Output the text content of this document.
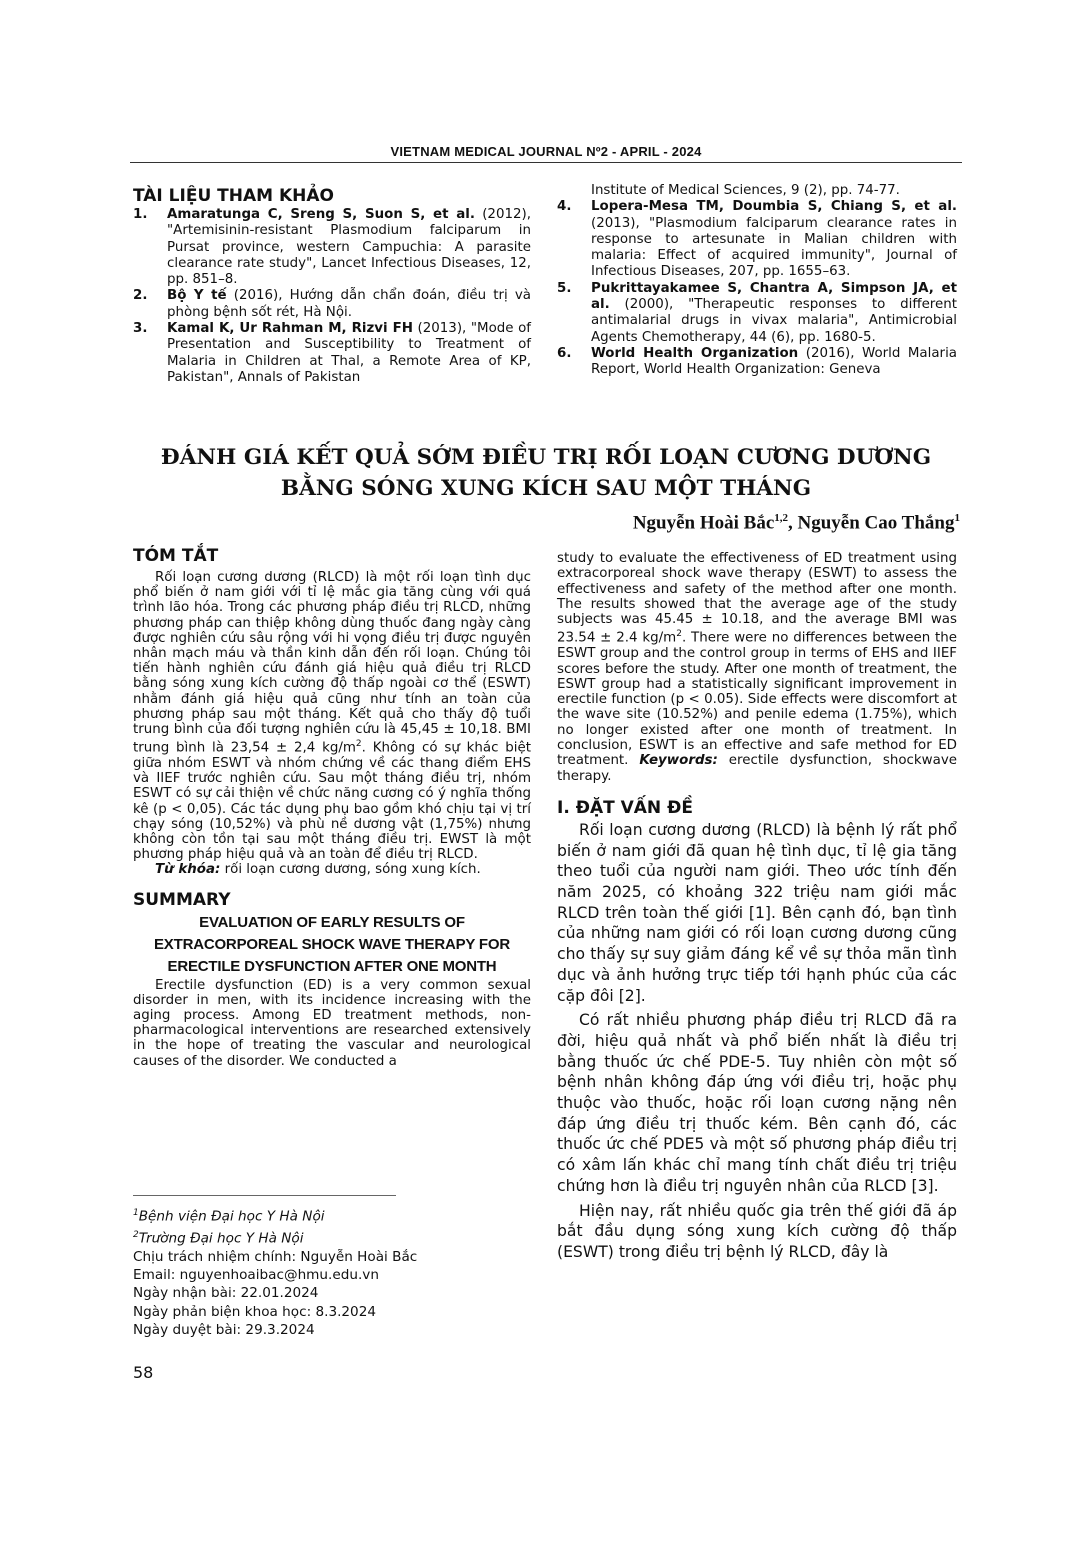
VIETNAM MEDICAL JOURNAL Nº2 - APRIL - 2024
TÀI LIỆU THAM KHẢO
1. Amaratunga C, Sreng S, Suon S, et al. (2012), "Artemisinin-resistant Plasmodium falciparum in Pursat province, western Campuchia: A parasite clearance rate study", Lancet Infectious Diseases, 12, pp. 851–8.
2. Bộ Y tế (2016), Hướng dẫn chẩn đoán, điều trị và phòng bệnh sốt rét, Hà Nội.
3. Kamal K, Ur Rahman M, Rizvi FH (2013), "Mode of Presentation and Susceptibility to Treatment of Malaria in Children at Thal, a Remote Area of KP, Pakistan", Annals of Pakistan
Institute of Medical Sciences, 9 (2), pp. 74-77.
4. Lopera-Mesa TM, Doumbia S, Chiang S, et al. (2013), "Plasmodium falciparum clearance rates in response to artesunate in Malian children with malaria: Effect of acquired immunity", Journal of Infectious Diseases, 207, pp. 1655–63.
5. Pukrittayakamee S, Chantra A, Simpson JA, et al. (2000), "Therapeutic responses to different antimalarial drugs in vivax malaria", Antimicrobial Agents Chemotherapy, 44 (6), pp. 1680-5.
6. World Health Organization (2016), World Malaria Report, World Health Organization: Geneva
ĐÁNH GIÁ KẾT QUẢ SỚM ĐIỀU TRỊ RỐI LOẠN CƯƠNG DƯƠNG
BẰNG SÓNG XUNG KÍCH SAU MỘT THÁNG
Nguyễn Hoài Bắc$^{1,2}$, Nguyễn Cao Thắng$^1$
TÓM TẮT

Rối loạn cương dương (RLCD) là một rối loạn tình dục phổ biến ở nam giới với tỉ lệ mắc gia tăng cùng với quá trình lão hóa. Trong các phương pháp điều trị RLCD, những phương pháp can thiệp không dùng thuốc đang ngày càng được nghiên cứu sâu rộng với hi vọng điều trị được nguyên nhân mạch máu và thần kinh dẫn đến rối loạn. Chúng tôi tiến hành nghiên cứu đánh giá hiệu quả điều trị RLCD bằng sóng xung kích cường độ thấp ngoài cơ thể (ESWT) nhằm đánh giá hiệu quả cũng như tính an toàn của phương pháp sau một tháng. Kết quả cho thấy độ tuổi trung bình của đối tượng nghiên cứu là 45,45 ± 10,18. BMI trung bình là 23,54 ± 2,4 $kg/m^2$. Không có sự khác biệt giữa nhóm ESWT và nhóm chứng về các thang điểm EHS và IIEF trước nghiên cứu. Sau một tháng điều trị, nhóm ESWT có sự cải thiện về chức năng cương có ý nghĩa thống kê (p < 0,05). Các tác dụng phụ bao gồm khó chịu tại vị trí chạy sóng (10,52%) và phù nề dương vật (1,75%) nhưng không còn tồn tại sau một tháng điều trị. EWST là một phương pháp hiệu quả và an toàn để điều trị RLCD.

Từ khóa: rối loạn cương dương, sóng xung kích.

SUMMARY
EVALUATION OF EARLY RESULTS OF
EXTRACORPOREAL SHOCK WAVE THERAPY FOR
ERECTILE DYSFUNCTION AFTER ONE MONTH

Erectile dysfunction (ED) is a very common sexual disorder in men, with its incidence increasing with the aging process. Among ED treatment methods, non-pharmacological interventions are researched extensively in the hope of treating the vascular and neurological causes of the disorder. We conducted a

study to evaluate the effectiveness of ED treatment using extracorporeal shock wave therapy (ESWT) to assess the effectiveness and safety of the method after one month. The results showed that the average age of the study subjects was 45.45 ± 10.18, and the average BMI was 23.54 ± 2.4 $kg/m^2$. There were no differences between the ESWT group and the control group in terms of EHS and IIEF scores before the study. After one month of treatment, the ESWT group had a statistically significant improvement in erectile function (p < 0.05). Side effects were discomfort at the wave site (10.52%) and penile edema (1.75%), which no longer existed after one month of treatment. In conclusion, ESWT is an effective and safe method for ED treatment. Keywords: erectile dysfunction, shockwave therapy.

I. ĐẶT VẤN ĐỀ

Rối loạn cương dương (RLCD) là bệnh lý rất phổ biến ở nam giới đã quan hệ tình dục, tỉ lệ gia tăng theo tuổi của người nam giới. Theo ước tính đến năm 2025, có khoảng 322 triệu nam giới mắc RLCD trên toàn thế giới [1]. Bên cạnh đó, bạn tình của những nam giới có rối loạn cương dương cũng cho thấy sự suy giảm đáng kể về sự thỏa mãn tình dục và ảnh hưởng trực tiếp tới hạnh phúc của các cặp đôi [2].

Có rất nhiều phương pháp điều trị RLCD đã ra đời, hiệu quả nhất và phổ biến nhất là điều trị bằng thuốc ức chế PDE-5. Tuy nhiên còn một số bệnh nhân không đáp ứng với điều trị, hoặc phụ thuộc vào thuốc, hoặc rối loạn cương nặng nên đáp ứng điều trị thuốc kém. Bên cạnh đó, các thuốc ức chế PDE5 và một số phương pháp điều trị có xâm lấn khác chỉ mang tính chất điều trị triệu chứng hơn là điều trị nguyên nhân của RLCD [3].

Hiện nay, rất nhiều quốc gia trên thế giới đã áp bắt đầu dụng sóng xung kích cường độ thấp (ESWT) trong điều trị bệnh lý RLCD, đây là

$^1$Bệnh viện Đại học Y Hà Nội
$^2$Trường Đại học Y Hà Nội
Chịu trách nhiệm chính: Nguyễn Hoài Bắc
Email: nguyenhoaibac@hmu.edu.vn
Ngày nhận bài: 22.01.2024
Ngày phản biện khoa học: 8.3.2024
Ngày duyệt bài: 29.3.2024
58
